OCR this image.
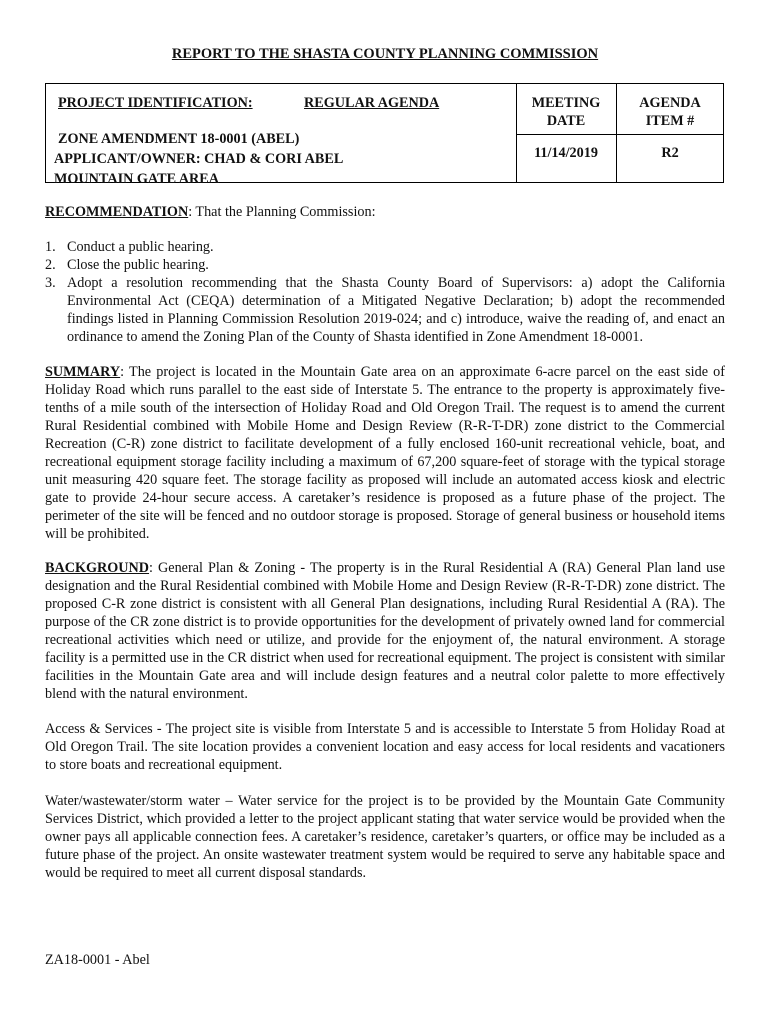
REPORT TO THE SHASTA COUNTY PLANNING COMMISSION
PROJECT IDENTIFICATION:	REGULAR AGENDA
ZONE AMENDMENT 18-0001 (ABEL)
APPLICANT/OWNER: CHAD & CORI ABEL
MOUNTAIN GATE AREA
MEETING
DATE
AGENDA
ITEM #
11/14/2019	R2

RECOMMENDATION: That the Planning Commission:

1. Conduct a public hearing.
2. Close the public hearing.
3. Adopt a resolution recommending that the Shasta County Board of Supervisors: a) adopt the California Environmental Act (CEQA) determination of a Mitigated Negative Declaration; b) adopt the recommended findings listed in Planning Commission Resolution 2019-024; and c) introduce, waive the reading of, and enact an ordinance to amend the Zoning Plan of the County of Shasta identified in Zone Amendment 18-0001.

SUMMARY: The project is located in the Mountain Gate area on an approximate 6-acre parcel on the east side of Holiday Road which runs parallel to the east side of Interstate 5. The entrance to the property is approximately five-tenths of a mile south of the intersection of Holiday Road and Old Oregon Trail. The request is to amend the current Rural Residential combined with Mobile Home and Design Review (R-R-T-DR) zone district to the Commercial Recreation (C-R) zone district to facilitate development of a fully enclosed 160-unit recreational vehicle, boat, and recreational equipment storage facility including a maximum of 67,200 square-feet of storage with the typical storage unit measuring 420 square feet. The storage facility as proposed will include an automated access kiosk and electric gate to provide 24-hour secure access. A caretaker’s residence is proposed as a future phase of the project. The perimeter of the site will be fenced and no outdoor storage is proposed. Storage of general business or household items will be prohibited.

BACKGROUND: General Plan & Zoning - The property is in the Rural Residential A (RA) General Plan land use designation and the Rural Residential combined with Mobile Home and Design Review (R-R-T-DR) zone district. The proposed C-R zone district is consistent with all General Plan designations, including Rural Residential A (RA). The purpose of the CR zone district is to provide opportunities for the development of privately owned land for commercial recreational activities which need or utilize, and provide for the enjoyment of, the natural environment. A storage facility is a permitted use in the CR district when used for recreational equipment. The project is consistent with similar facilities in the Mountain Gate area and will include design features and a neutral color palette to more effectively blend with the natural environment.

Access & Services - The project site is visible from Interstate 5 and is accessible to Interstate 5 from Holiday Road at Old Oregon Trail. The site location provides a convenient location and easy access for local residents and vacationers to store boats and recreational equipment.

Water/wastewater/storm water – Water service for the project is to be provided by the Mountain Gate Community Services District, which provided a letter to the project applicant stating that water service would be provided when the owner pays all applicable connection fees. A caretaker’s residence, caretaker’s quarters, or office may be included as a future phase of the project. An onsite wastewater treatment system would be required to serve any habitable space and would be required to meet all current disposal standards.

ZA18-0001 - Abel
